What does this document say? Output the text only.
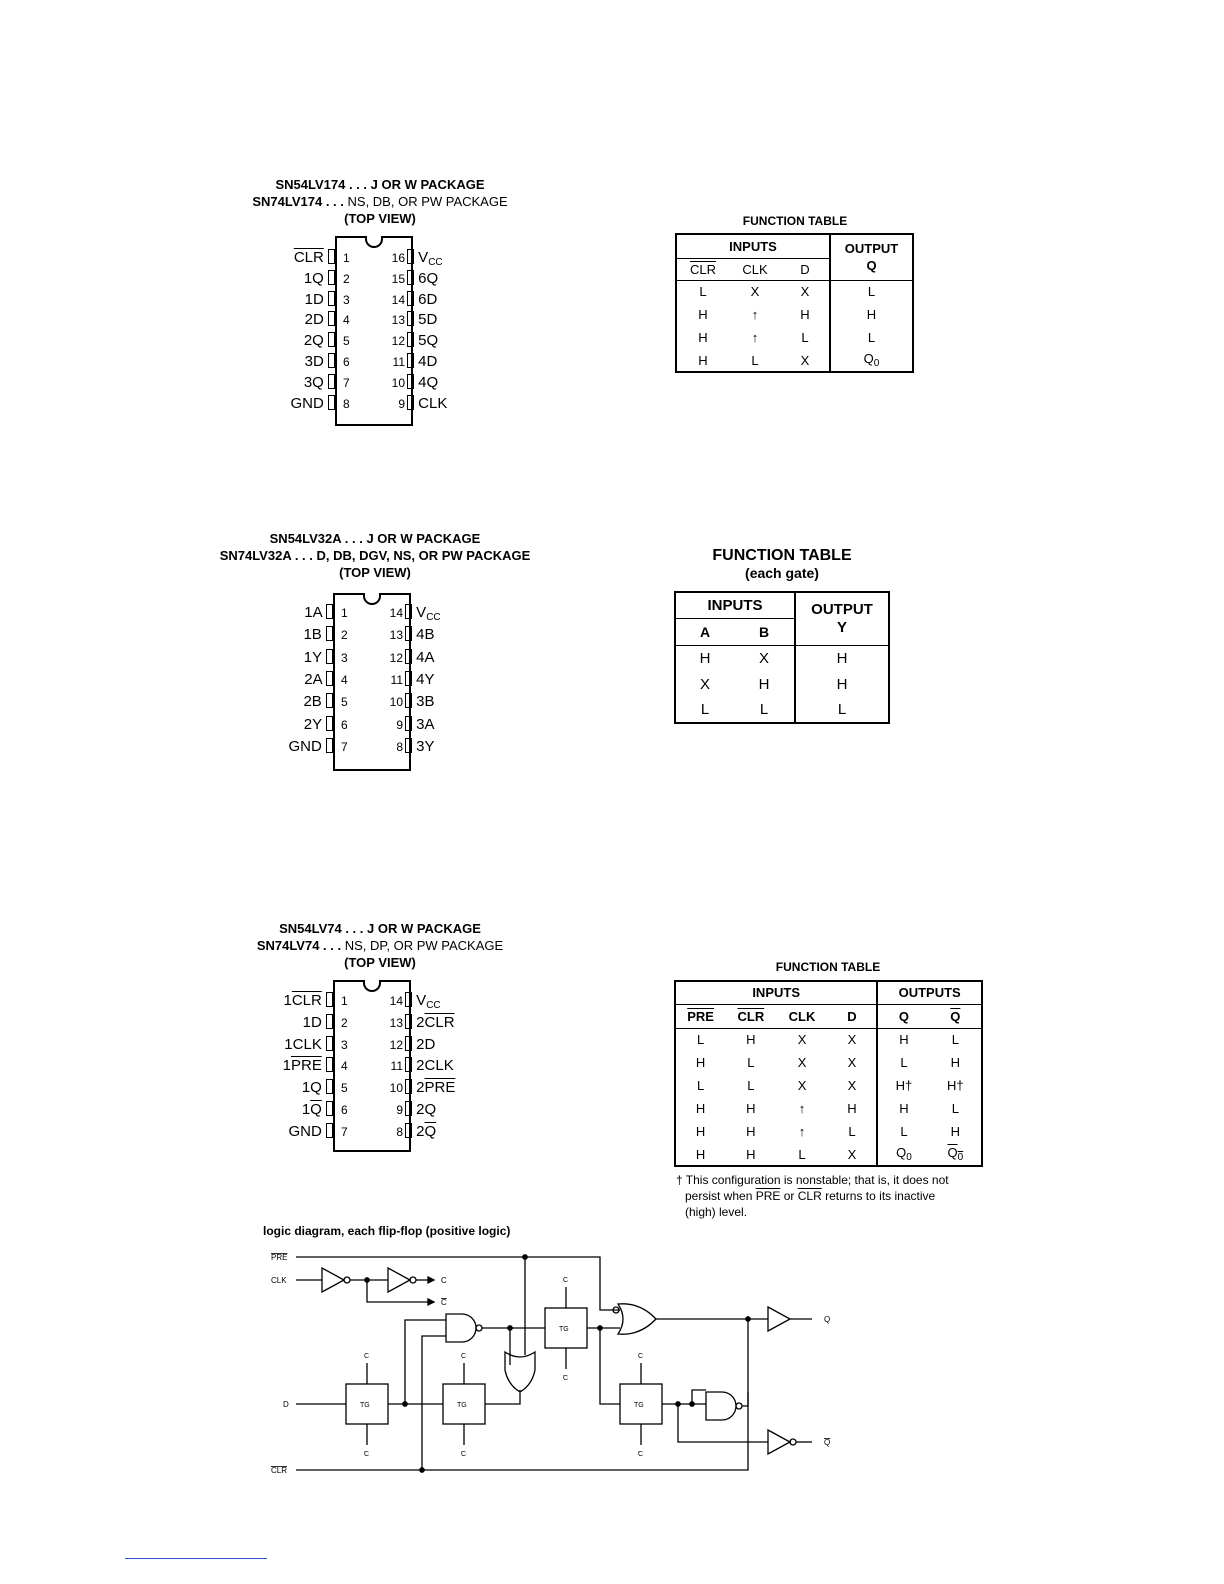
SN54LV174 . . . J OR W PACKAGE
SN74LV174 . . . NS, DB, OR PW PACKAGE
(TOP VIEW)
$\overline{CLR}$	1
1Q	2
1D	3
2D	4
2Q	5
3D	6
3Q	7
GND	8
16 $V_{CC}$
15 6Q
14 6D
13 5D
12 5Q
11 4D
10 4Q
9 CLK
FUNCTION TABLE
INPUTS			OUTPUT
Q

$\overline{CLR}$	CLK	D	
L	X	X	L
H	↑	H	H
H	↑	L	L
H	L	X	$Q_0$
SN54LV32A . . . J OR W PACKAGE
SN74LV32A . . . D, DB, DGV, NS, OR PW PACKAGE
(TOP VIEW)
1A	1
1B	2
1Y	3
2A	4
2B	5
2Y	6
GND	7
14 $V_{CC}$
13 4B
12 4A
11 4Y
10 3B
9 3A
8 3Y
FUNCTION TABLE
(each gate)
INPUTS		OUTPUT
Y

A	B	
H	X	H
X	H	H
L	L	L
SN54LV74 . . . J OR W PACKAGE
SN74LV74 . . . NS, DP, OR PW PACKAGE
(TOP VIEW)
$1\overline{CLR}$	1
1D	2
1CLK	3
$1\overline{PRE}$	4
1Q	5
$1\overline{Q}$	6
GND	7
14 $V_{CC}$
13 $2\overline{CLR}$
12 2D
11 2CLK
10 $2\overline{PRE}$
9 2Q
8 $2\overline{Q}$
FUNCTION TABLE
INPUTS				OUTPUTS	
$\overline{PRE}$	$\overline{CLR}$	CLK	D	Q	$\overline{Q}$
L	H	X	X	H	L
H	L	X	X	L	H
L	L	X	X	H†	H†
H	H	↑	H	H	L
H	H	↑	L	L	H
H	H	L	X	$Q_0$	$Q_0$
† This configuration is nonstable; that is, it does not
persist when $\overline{PRE}$ or $\overline{CLR}$ returns to its inactive
(high) level.
logic diagram, each flip-flop (positive logic)
PRE
CLK
D
CLR
C
C
TG
C
C
TG
C
C
TG
C
C
Q
TG
C
C
Q
